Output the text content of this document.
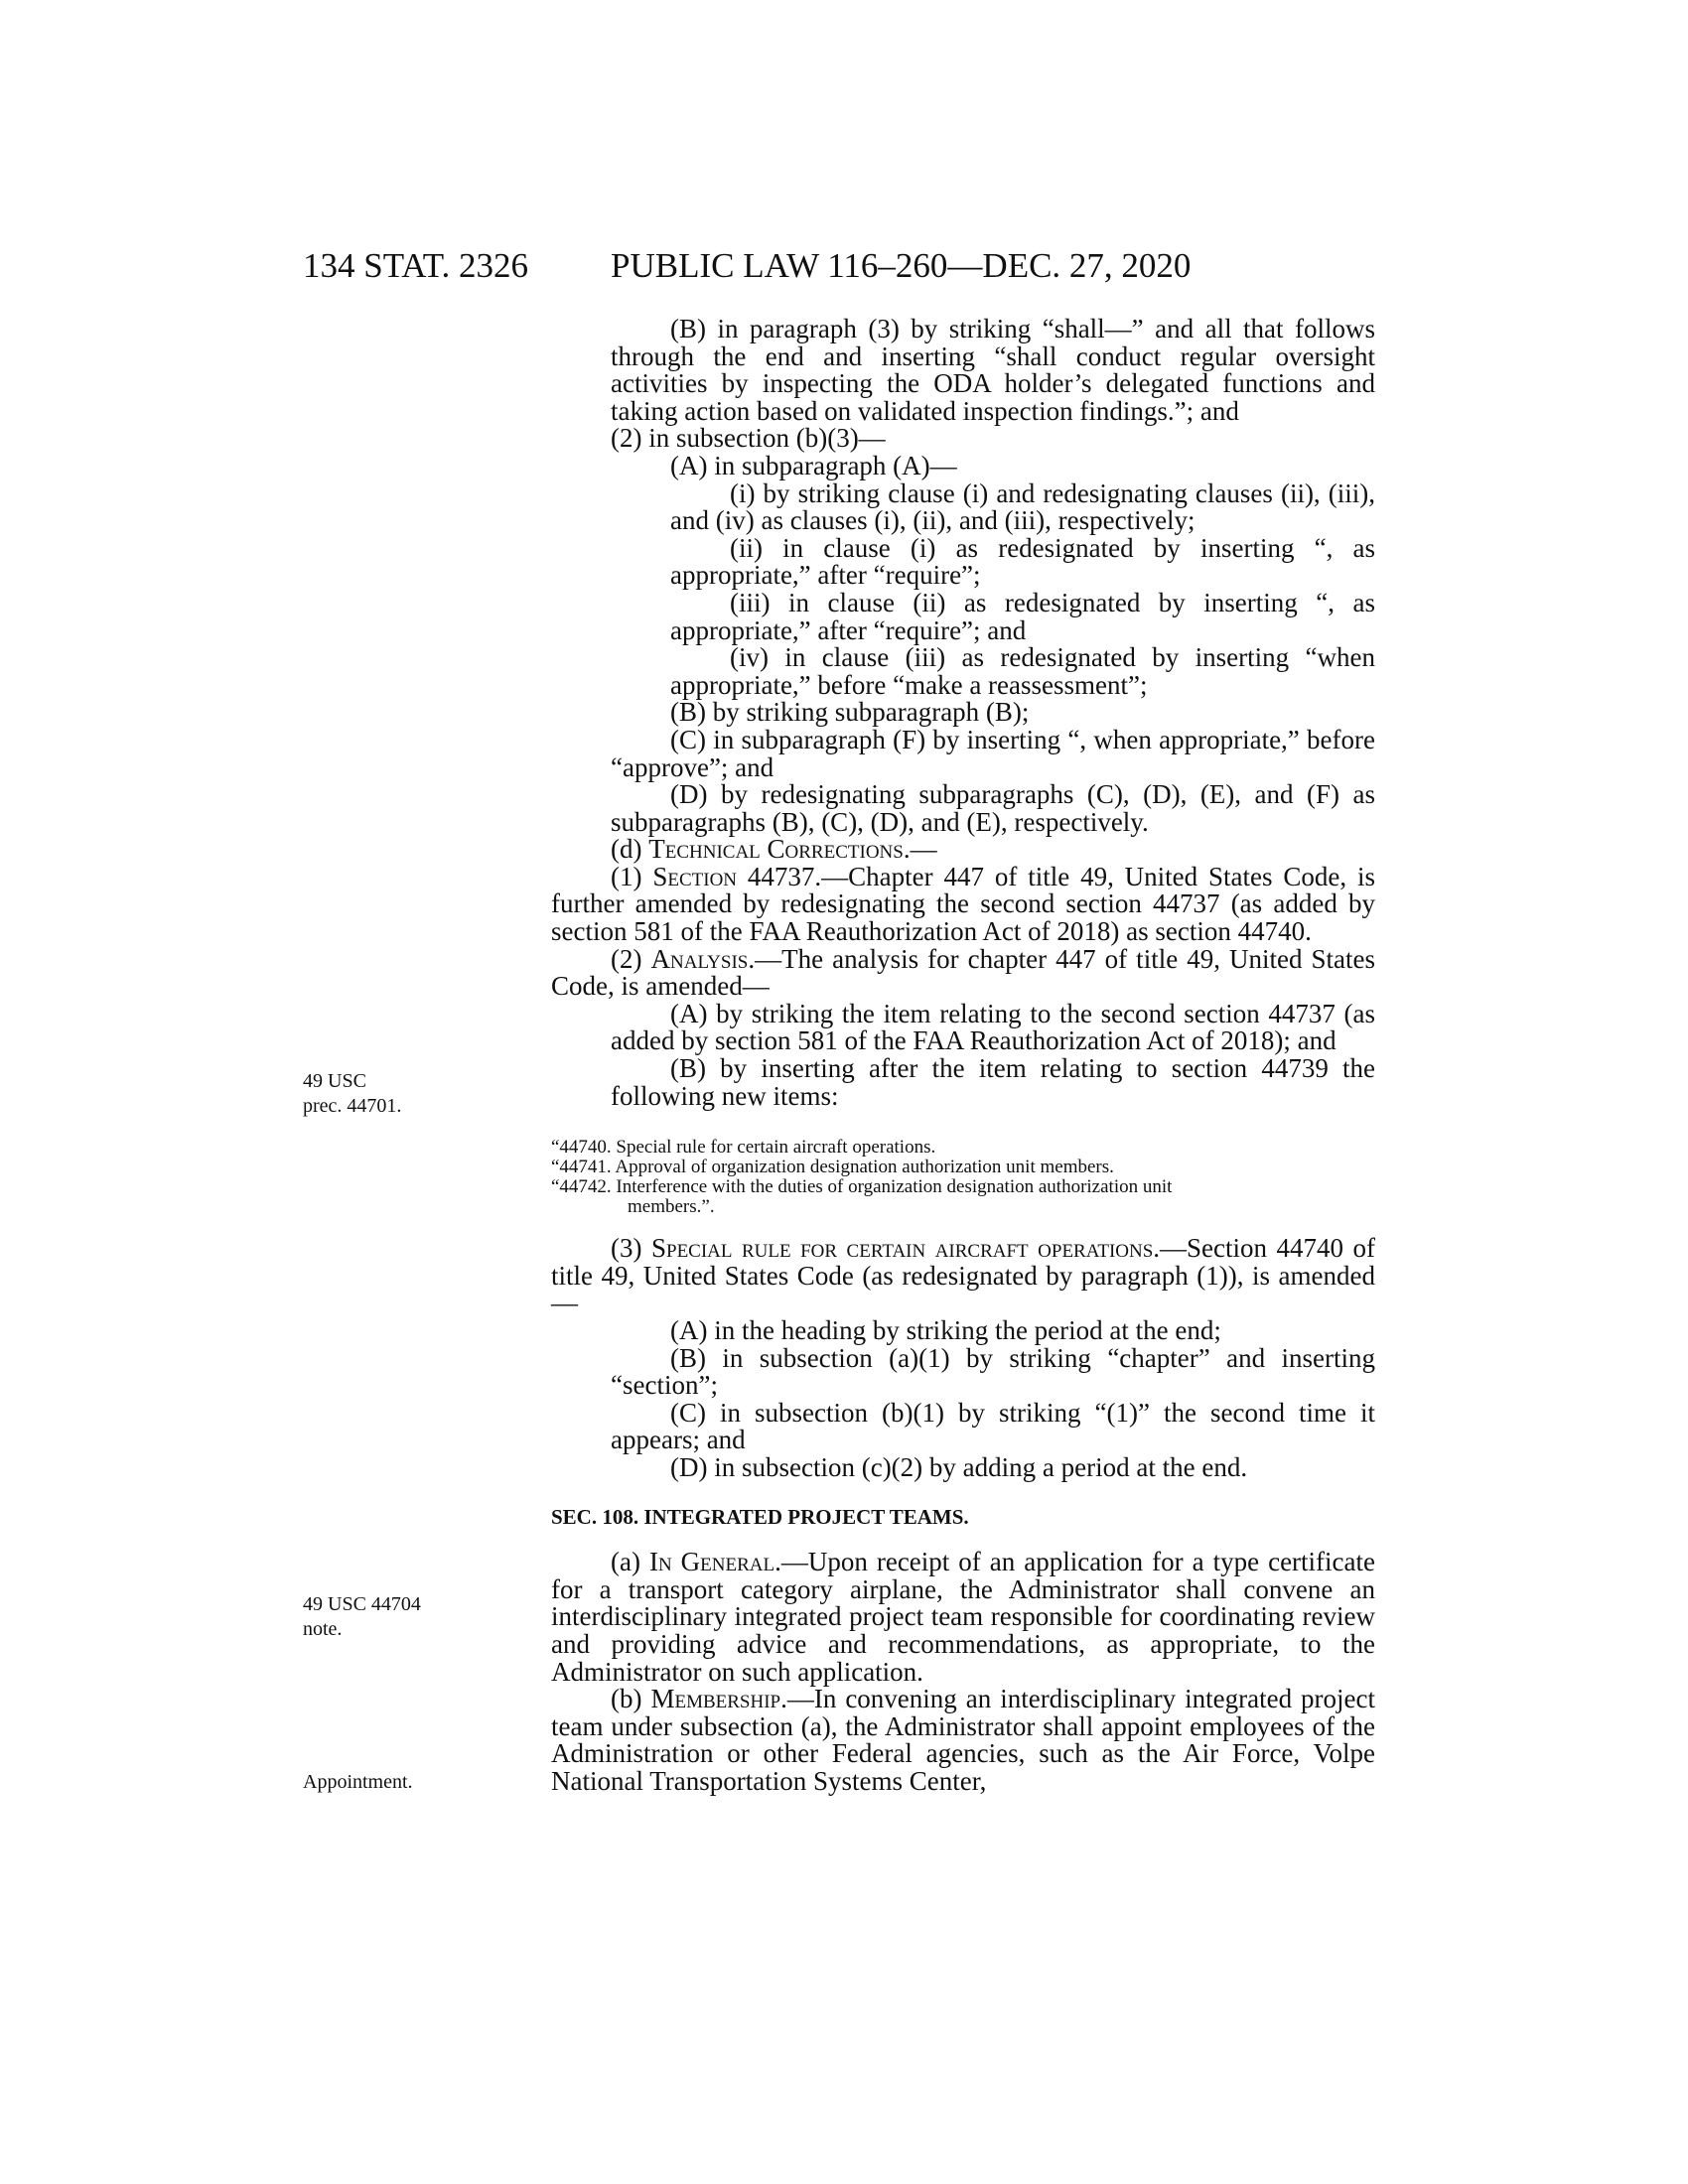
134 STAT. 2326 PUBLIC LAW 116–260—DEC. 27, 2020
49 USC
prec. 44701.
49 USC 44704
note.
Appointment.

(B) in paragraph (3) by striking “shall—” and all that follows through the end and inserting “shall conduct regular oversight activities by inspecting the ODA holder’s delegated functions and taking action based on validated inspection findings.”; and

(2) in subsection (b)(3)—

(A) in subparagraph (A)—

(i) by striking clause (i) and redesignating clauses (ii), (iii), and (iv) as clauses (i), (ii), and (iii), respectively;

(ii) in clause (i) as redesignated by inserting “, as appropriate,” after “require”;

(iii) in clause (ii) as redesignated by inserting “, as appropriate,” after “require”; and

(iv) in clause (iii) as redesignated by inserting “when appropriate,” before “make a reassessment”;

(B) by striking subparagraph (B);

(C) in subparagraph (F) by inserting “, when appropriate,” before “approve”; and

(D) by redesignating subparagraphs (C), (D), (E), and (F) as subparagraphs (B), (C), (D), and (E), respectively.

(d) Technical Corrections.—

(1) Section 44737.—Chapter 447 of title 49, United States Code, is further amended by redesignating the second section 44737 (as added by section 581 of the FAA Reauthorization Act of 2018) as section 44740.

(2) Analysis.—The analysis for chapter 447 of title 49, United States Code, is amended—

(A) by striking the item relating to the second section 44737 (as added by section 581 of the FAA Reauthorization Act of 2018); and

(B) by inserting after the item relating to section 44739 the following new items:

“44740. Special rule for certain aircraft operations.

“44741. Approval of organization designation authorization unit members.

“44742. Interference with the duties of organization designation authorization unit
members.”.

(3) Special rule for certain aircraft operations.—Section 44740 of title 49, United States Code (as redesignated by paragraph (1)), is amended—

(A) in the heading by striking the period at the end;

(B) in subsection (a)(1) by striking “chapter” and inserting “section”;

(C) in subsection (b)(1) by striking “(1)” the second time it appears; and

(D) in subsection (c)(2) by adding a period at the end.

SEC. 108. INTEGRATED PROJECT TEAMS.

(a) In General.—Upon receipt of an application for a type certificate for a transport category airplane, the Administrator shall convene an interdisciplinary integrated project team responsible for coordinating review and providing advice and recommendations, as appropriate, to the Administrator on such application.

(b) Membership.—In convening an interdisciplinary integrated project team under subsection (a), the Administrator shall appoint employees of the Administration or other Federal agencies, such as the Air Force, Volpe National Transportation Systems Center,
